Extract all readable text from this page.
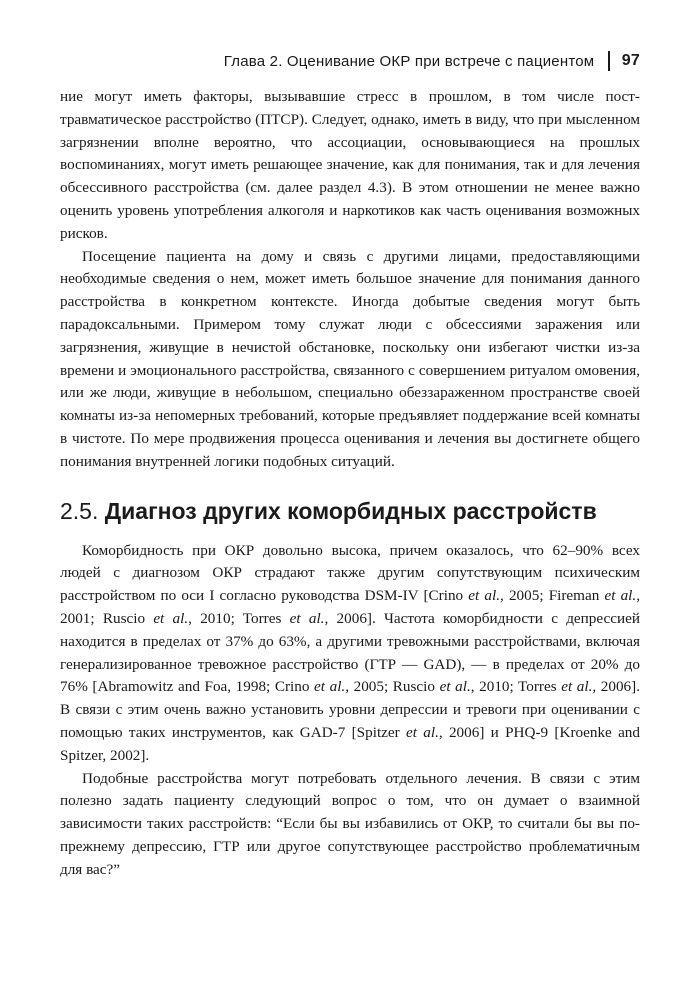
Глава 2. Оценивание ОКР при встрече с пациентом 97

ние могут иметь факторы, вызывавшие стресс в прошлом, в том числе пост-травматическое расстройство (ПТСР). Следует, однако, иметь в виду, что при мысленном загрязнении вполне вероятно, что ассоциации, основывающиеся на прошлых воспоминаниях, могут иметь решающее значение, как для понимания, так и для лечения обсессивного расстройства (см. далее раздел 4.3). В этом отношении не менее важно оценить уровень употребления алкоголя и наркотиков как часть оценивания возможных рисков.

Посещение пациента на дому и связь с другими лицами, предоставляющими необходимые сведения о нем, может иметь большое значение для понимания данного расстройства в конкретном контексте. Иногда добытые сведения могут быть парадоксальными. Примером тому служат люди с обсессиями заражения или загрязнения, живущие в нечистой обстановке, поскольку они избегают чистки из-за времени и эмоционального расстройства, связанного с совершением ритуалом омовения, или же люди, живущие в небольшом, специально обеззараженном пространстве своей комнаты из-за непомерных требований, которые предъявляет поддержание всей комнаты в чистоте. По мере продвижения процесса оценивания и лечения вы достигнете общего понимания внутренней логики подобных ситуаций.

2.5. Диагноз других коморбидных расстройств

Коморбидность при ОКР довольно высока, причем оказалось, что 62–90% всех людей с диагнозом ОКР страдают также другим сопутствующим психическим расстройством по оси I согласно руководства DSM-IV [Crino et al., 2005; Fireman et al., 2001; Ruscio et al., 2010; Torres et al., 2006]. Частота коморбидности с депрессией находится в пределах от 37% до 63%, а другими тревожными расстройствами, включая генерализированное тревожное расстройство (ГТР — GAD), — в пределах от 20% до 76% [Abramowitz and Foa, 1998; Crino et al., 2005; Ruscio et al., 2010; Torres et al., 2006]. В связи с этим очень важно установить уровни депрессии и тревоги при оценивании с помощью таких инструментов, как GAD-7 [Spitzer et al., 2006] и PHQ-9 [Kroenke and Spitzer, 2002].

Подобные расстройства могут потребовать отдельного лечения. В связи с этим полезно задать пациенту следующий вопрос о том, что он думает о взаимной зависимости таких расстройств: “Если бы вы избавились от ОКР, то считали бы вы по-прежнему депрессию, ГТР или другое сопутствующее расстройство проблематичным для вас?”
